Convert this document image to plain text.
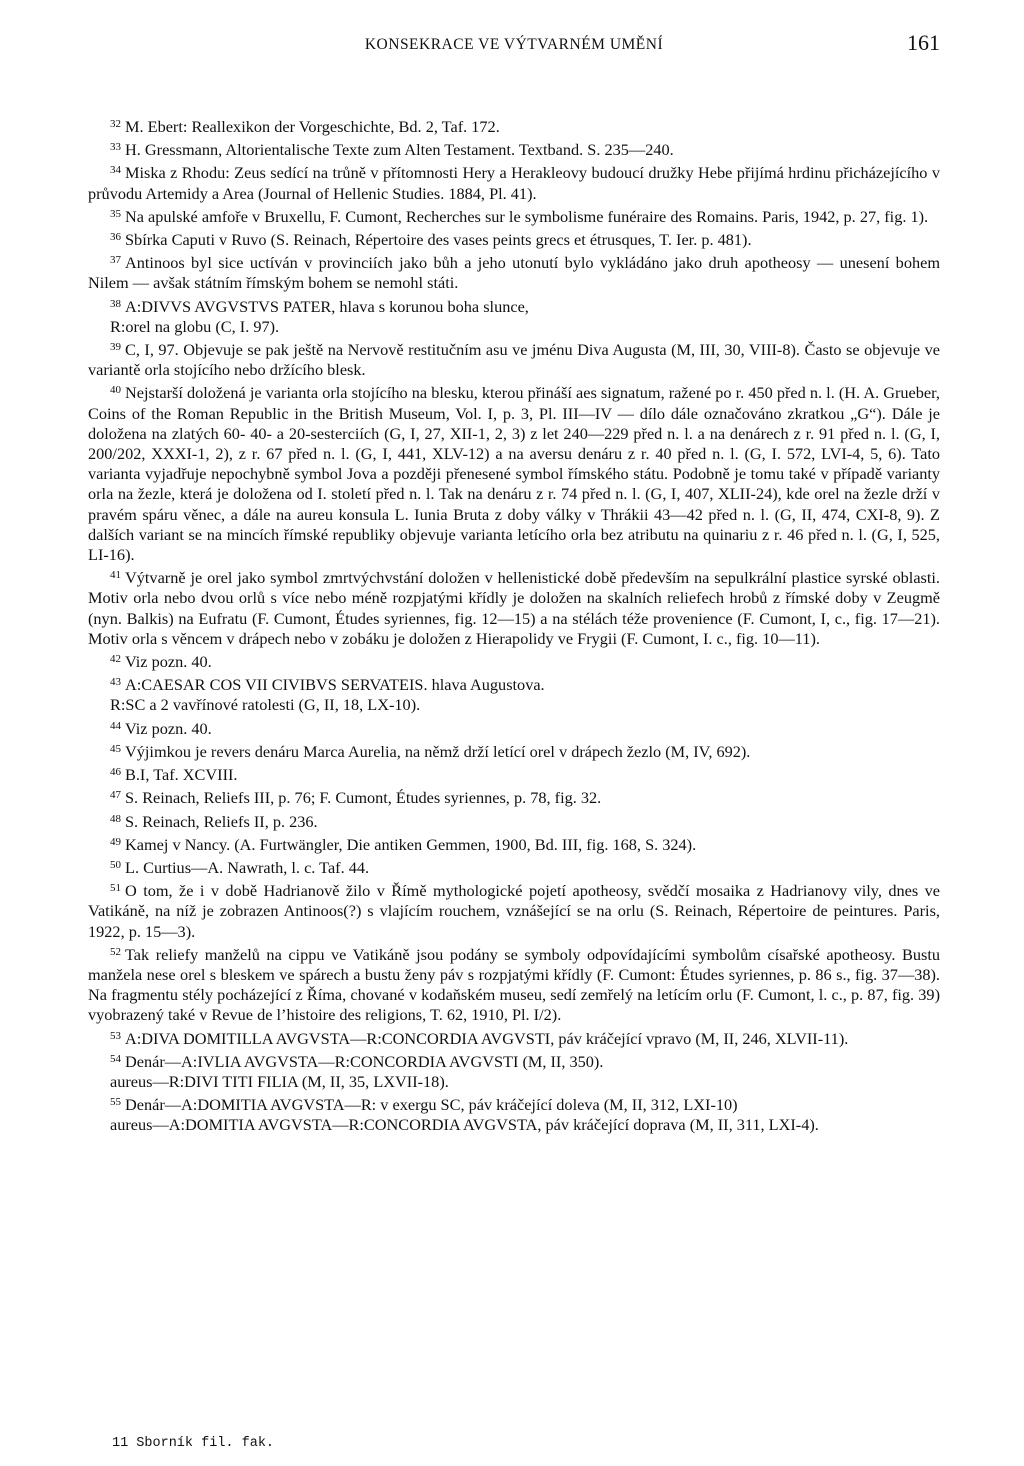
KONSEKRACE VE VÝTVARNÉM UMĚNÍ	161

$^{32}$ M. Ebert: Reallexikon der Vorgeschichte, Bd. 2, Taf. 172.

$^{33}$ H. Gressmann, Altorientalische Texte zum Alten Testament. Textband. S. 235—240.

$^{34}$ Miska z Rhodu: Zeus sedící na trůně v přítomnosti Hery a Herakleovy budoucí družky Hebe přijímá hrdinu přicházejícího v průvodu Artemidy a Area (Journal of Hellenic Studies. 1884, Pl. 41).

$^{35}$ Na apulské amfoře v Bruxellu, F. Cumont, Recherches sur le symbolisme funéraire des Romains. Paris, 1942, p. 27, fig. 1).

$^{36}$ Sbírka Caputi v Ruvo (S. Reinach, Répertoire des vases peints grecs et étrusques, T. Ier. p. 481).

$^{37}$ Antinoos byl sice uctíván v provinciích jako bůh a jeho utonutí bylo vykládáno jako druh apotheosy — unesení bohem Nilem — avšak státním římským bohem se nemohl státi.

$^{38}$ A:DIVVS AVGVSTVS PATER, hlava s korunou boha slunce,

R:orel na globu (C, I. 97).

$^{39}$ C, I, 97. Objevuje se pak ještě na Nervově restitučním asu ve jménu Diva Augusta (M, III, 30, VIII-8). Často se objevuje ve variantě orla stojícího nebo držícího blesk.

$^{40}$ Nejstarší doložená je varianta orla stojícího na blesku, kterou přináší aes signatum, ražené po r. 450 před n. l. (H. A. Grueber, Coins of the Roman Republic in the British Museum, Vol. I, p. 3, Pl. III—IV — dílo dále označováno zkratkou „G“). Dále je doložena na zlatých 60- 40- a 20-sesterciích (G, I, 27, XII-1, 2, 3) z let 240—229 před n. l. a na denárech z r. 91 před n. l. (G, I, 200/202, XXXI-1, 2), z r. 67 před n. l. (G, I, 441, XLV-12) a na aversu denáru z r. 40 před n. l. (G, I. 572, LVI-4, 5, 6). Tato varianta vyjadřuje nepochybně symbol Jova a později přenesené symbol římského státu. Podobně je tomu také v případě varianty orla na žezle, která je doložena od I. století před n. l. Tak na denáru z r. 74 před n. l. (G, I, 407, XLII-24), kde orel na žezle drží v pravém spáru věnec, a dále na aureu konsula L. Iunia Bruta z doby války v Thrákii 43—42 před n. l. (G, II, 474, CXI-8, 9). Z dalších variant se na mincích římské republiky objevuje varianta letícího orla bez atributu na quinariu z r. 46 před n. l. (G, I, 525, LI-16).

$^{41}$ Výtvarně je orel jako symbol zmrtvýchvstání doložen v hellenistické době především na sepulkrální plastice syrské oblasti. Motiv orla nebo dvou orlů s více nebo méně rozpjatými křídly je doložen na skalních reliefech hrobů z římské doby v Zeugmě (nyn. Balkis) na Eufratu (F. Cumont, Études syriennes, fig. 12—15) a na stélách téže provenience (F. Cumont, I, c., fig. 17—21). Motiv orla s věncem v drápech nebo v zobáku je doložen z Hierapolidy ve Frygii (F. Cumont, I. c., fig. 10—11).

$^{42}$ Viz pozn. 40.

$^{43}$ A:CAESAR COS VII CIVIBVS SERVATEIS. hlava Augustova.

R:SC a 2 vavřínové ratolesti (G, II, 18, LX-10).

$^{44}$ Viz pozn. 40.

$^{45}$ Výjimkou je revers denáru Marca Aurelia, na němž drží letící orel v drápech žezlo (M, IV, 692).

$^{46}$ B.I, Taf. XCVIII.

$^{47}$ S. Reinach, Reliefs III, p. 76; F. Cumont, Études syriennes, p. 78, fig. 32.

$^{48}$ S. Reinach, Reliefs II, p. 236.

$^{49}$ Kamej v Nancy. (A. Furtwängler, Die antiken Gemmen, 1900, Bd. III, fig. 168, S. 324).

$^{50}$ L. Curtius—A. Nawrath, l. c. Taf. 44.

$^{51}$ O tom, že i v době Hadrianově žilo v Římě mythologické pojetí apotheosy, svědčí mosaika z Hadrianovy vily, dnes ve Vatikáně, na níž je zobrazen Antinoos(?) s vlajícím rouchem, vznášející se na orlu (S. Reinach, Répertoire de peintures. Paris, 1922, p. 15—3).

$^{52}$ Tak reliefy manželů na cippu ve Vatikáně jsou podány se symboly odpovídajícími symbolům císařské apotheosy. Bustu manžela nese orel s bleskem ve spárech a bustu ženy páv s rozpjatými křídly (F. Cumont: Études syriennes, p. 86 s., fig. 37—38). Na fragmentu stély pocházející z Říma, chované v kodaňském museu, sedí zemřelý na letícím orlu (F. Cumont, l. c., p. 87, fig. 39) vyobrazený také v Revue de l’histoire des religions, T. 62, 1910, Pl. I/2).

$^{53}$ A:DIVA DOMITILLA AVGVSTA—R:CONCORDIA AVGVSTI, páv kráčející vpravo (M, II, 246, XLVII-11).

$^{54}$ Denár—A:IVLIA AVGVSTA—R:CONCORDIA AVGVSTI (M, II, 350).

aureus—R:DIVI TITI FILIA (M, II, 35, LXVII-18).

$^{55}$ Denár—A:DOMITIA AVGVSTA—R: v exergu SC, páv kráčející doleva (M, II, 312, LXI-10)

aureus—A:DOMITIA AVGVSTA—R:CONCORDIA AVGVSTA, páv kráčející doprava (M, II, 311, LXI-4).

11 Sborník fil. fak.
